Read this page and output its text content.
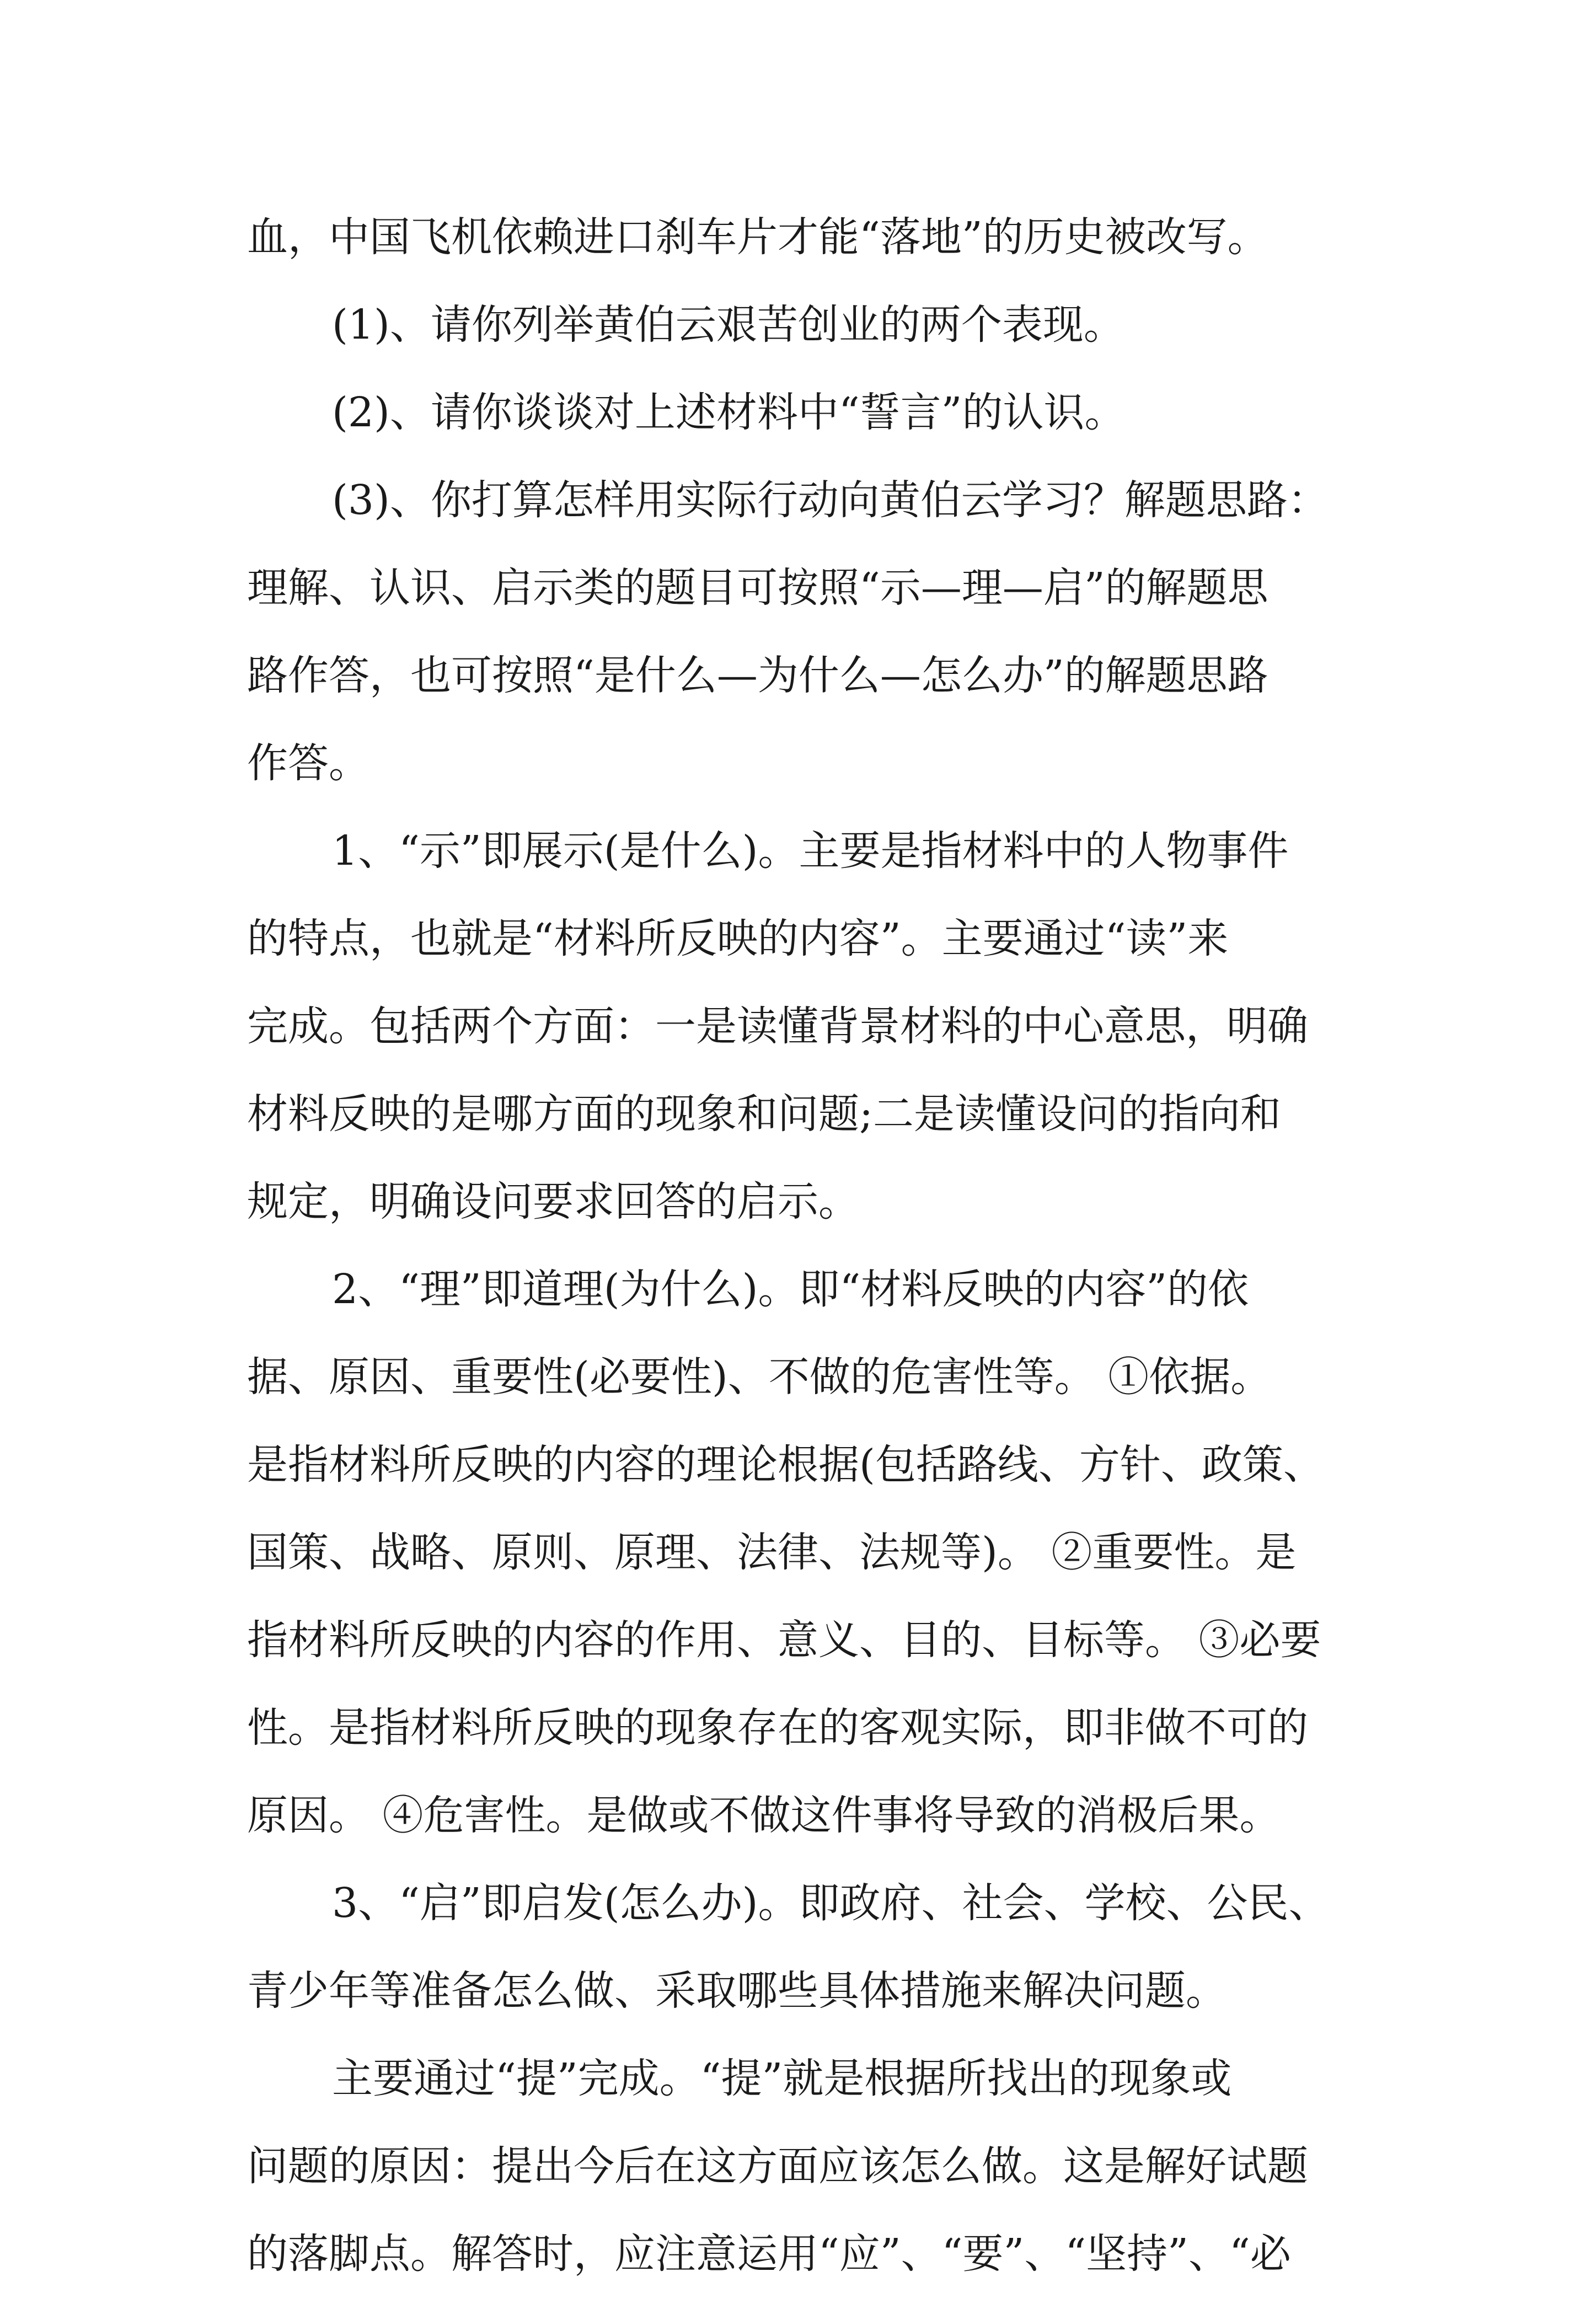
血，中国飞机依赖进口刹车片才能“落地”的历史被改写。
(1)、请你列举黄伯云艰苦创业的两个表现。
(2)、请你谈谈对上述材料中“誓言”的认识。
(3)、你打算怎样用实际行动向黄伯云学习？解题思路：
理解、认识、启示类的题目可按照“示—理—启”的解题思
路作答，也可按照“是什么—为什么—怎么办”的解题思路
作答。
1、“示”即展示(是什么)。主要是指材料中的人物事件
的特点，也就是“材料所反映的内容”。主要通过“读”来
完成。包括两个方面：一是读懂背景材料的中心意思，明确
材料反映的是哪方面的现象和问题;二是读懂设问的指向和
规定，明确设问要求回答的启示。
2、“理”即道理(为什么)。即“材料反映的内容”的依
据、原因、重要性(必要性)、不做的危害性等。 ①依据。
是指材料所反映的内容的理论根据(包括路线、方针、政策、
国策、战略、原则、原理、法律、法规等)。 ②重要性。是
指材料所反映的内容的作用、意义、目的、目标等。 ③必要
性。是指材料所反映的现象存在的客观实际，即非做不可的
原因。 ④危害性。是做或不做这件事将导致的消极后果。
3、“启”即启发(怎么办)。即政府、社会、学校、公民、
青少年等准备怎么做、采取哪些具体措施来解决问题。
主要通过“提”完成。“提”就是根据所找出的现象或
问题的原因：提出今后在这方面应该怎么做。这是解好试题
的落脚点。解答时，应注意运用“应”、“要”、“坚持”、“必
